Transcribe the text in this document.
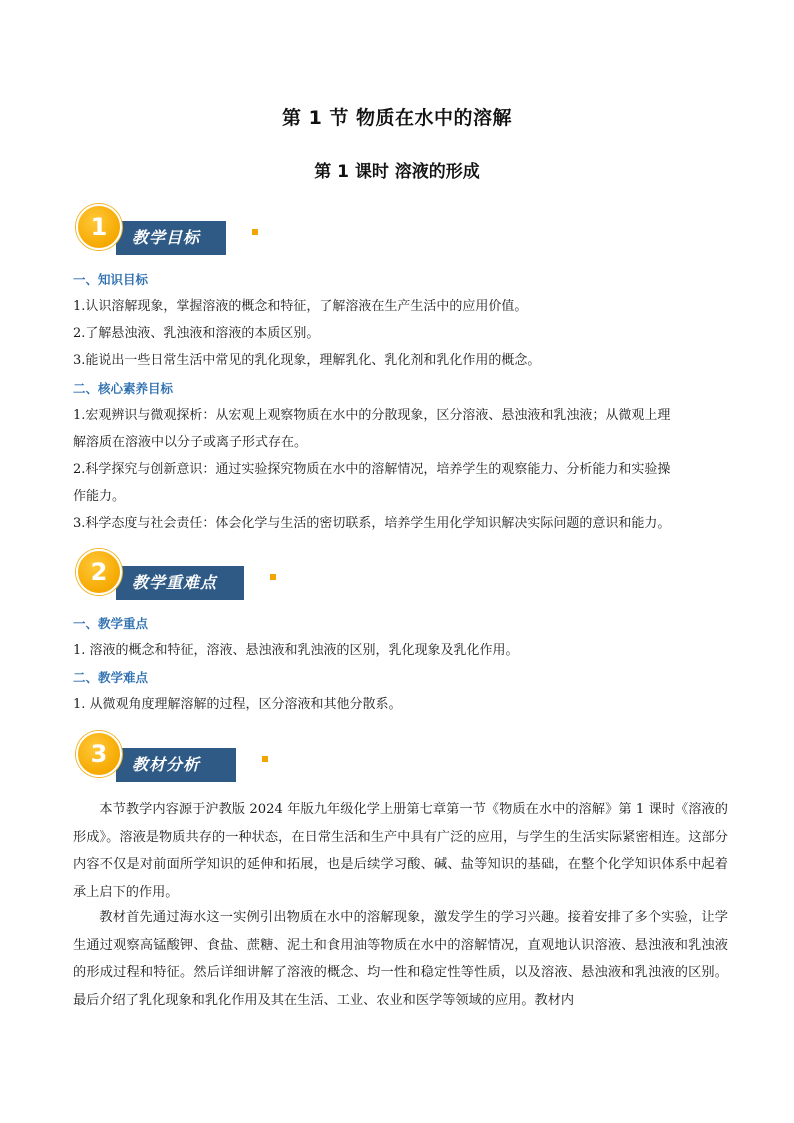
第 1 节 物质在水中的溶解
第 1 课时 溶液的形成
教学目标
1
一、知识目标
1.认识溶解现象，掌握溶液的概念和特征，了解溶液在生产生活中的应用价值。
2.了解悬浊液、乳浊液和溶液的本质区别。
3.能说出一些日常生活中常见的乳化现象，理解乳化、乳化剂和乳化作用的概念。
二、核心素养目标
1.宏观辨识与微观探析：从宏观上观察物质在水中的分散现象，区分溶液、悬浊液和乳浊液；从微观上理
解溶质在溶液中以分子或离子形式存在。
2.科学探究与创新意识：通过实验探究物质在水中的溶解情况，培养学生的观察能力、分析能力和实验操
作能力。
3.科学态度与社会责任：体会化学与生活的密切联系，培养学生用化学知识解决实际问题的意识和能力。
教学重难点
2
一、教学重点
1. 溶液的概念和特征，溶液、悬浊液和乳浊液的区别，乳化现象及乳化作用。
二、教学难点
1. 从微观角度理解溶解的过程，区分溶液和其他分散系。
教材分析
3
本节教学内容源于沪教版 2024 年版九年级化学上册第七章第一节《物质在水中的溶解》第 1 课时《溶液的形成》。溶液是物质共存的一种状态，在日常生活和生产中具有广泛的应用，与学生的生活实际紧密相连。这部分内容不仅是对前面所学知识的延伸和拓展，也是后续学习酸、碱、盐等知识的基础，在整个化学知识体系中起着承上启下的作用。
教材首先通过海水这一实例引出物质在水中的溶解现象，激发学生的学习兴趣。接着安排了多个实验，让学生通过观察高锰酸钾、食盐、蔗糖、泥土和食用油等物质在水中的溶解情况，直观地认识溶液、悬浊液和乳浊液的形成过程和特征。然后详细讲解了溶液的概念、均一性和稳定性等性质，以及溶液、悬浊液和乳浊液的区别。最后介绍了乳化现象和乳化作用及其在生活、工业、农业和医学等领域的应用。教材内
